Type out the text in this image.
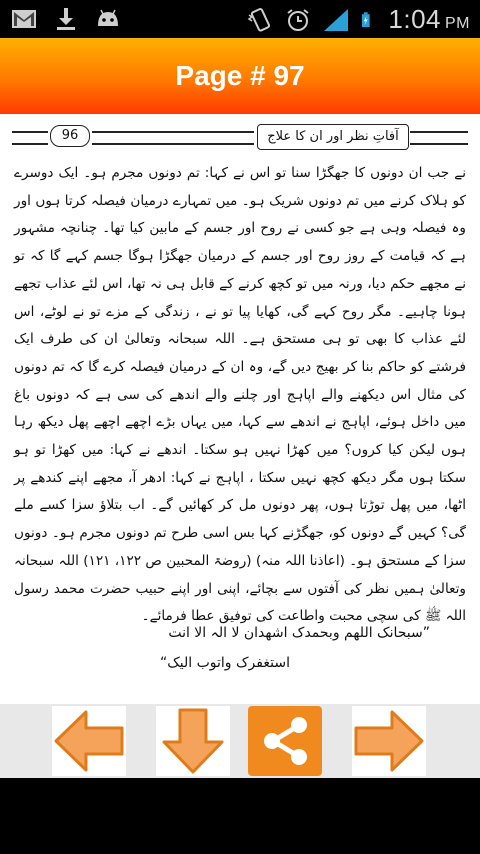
1:04 PM
Page # 97
96	آفاتِ نظر اور ان کا علاج

نے جب ان دونوں کا جھگڑا سنا تو اس نے کہا: تم دونوں مجرم ہو۔ ایک دوسرے کو ہلاک کرنے میں تم دونوں شریک ہو۔ میں تمہارے درمیان فیصلہ کرتا ہوں اور وہ فیصلہ وہی ہے جو کسی نے روح اور جسم کے مابین کیا تھا۔ چنانچہ مشہور ہے کہ قیامت کے روز روح اور جسم کے درمیان جھگڑا ہوگا جسم کہے گا کہ تو نے مجھے حکم دیا، ورنہ میں تو کچھ کرنے کے قابل ہی نہ تھا، اس لئے عذاب تجھے ہونا چاہیے۔ مگر روح کہے گی، کھایا پیا تو نے ، زندگی کے مزے تو نے لوٹے، اس لئے عذاب کا بھی تو ہی مستحق ہے۔ اللہ سبحانہ وتعالیٰ ان کی طرف ایک فرشتے کو حاکم بنا کر بھیج دیں گے، وہ ان کے درمیان فیصلہ کرے گا کہ تم دونوں کی مثال اس دیکھنے والے اپاہج اور چلنے والے اندھے کی سی ہے کہ دونوں باغ میں داخل ہوئے، اپاہج نے اندھے سے کہا، میں یہاں بڑے اچھے اچھے پھل دیکھ رہا ہوں لیکن کیا کروں؟ میں کھڑا نہیں ہو سکتا۔ اندھے نے کہا: میں کھڑا تو ہو سکتا ہوں مگر دیکھ کچھ نہیں سکتا ، اپاہج نے کہا: ادھر آ، مجھے اپنے کندھے پر اٹھا، میں پھل توڑتا ہوں، پھر دونوں مل کر کھائیں گے۔ اب بتلاؤ سزا کسے ملے گی؟ کہیں گے دونوں کو، جھگڑنے کہا بس اسی طرح تم دونوں مجرم ہو۔ دونوں سزا کے مستحق ہو۔ (اعاذنا اللہ منہ) (روضۃ المحبین ص ۱۲۲، ۱۲۱) اللہ سبحانہ وتعالیٰ ہمیں نظر کی آفتوں سے بچائے، اپنی اور اپنے حبیب حضرت محمد رسول اللہ ﷺ کی سچی محبت واطاعت کی توفیق عطا فرمائے۔

”سبحانک اللھم وبحمدک اشھدان لا الہ الا انت
استغفرک واتوب الیک“
